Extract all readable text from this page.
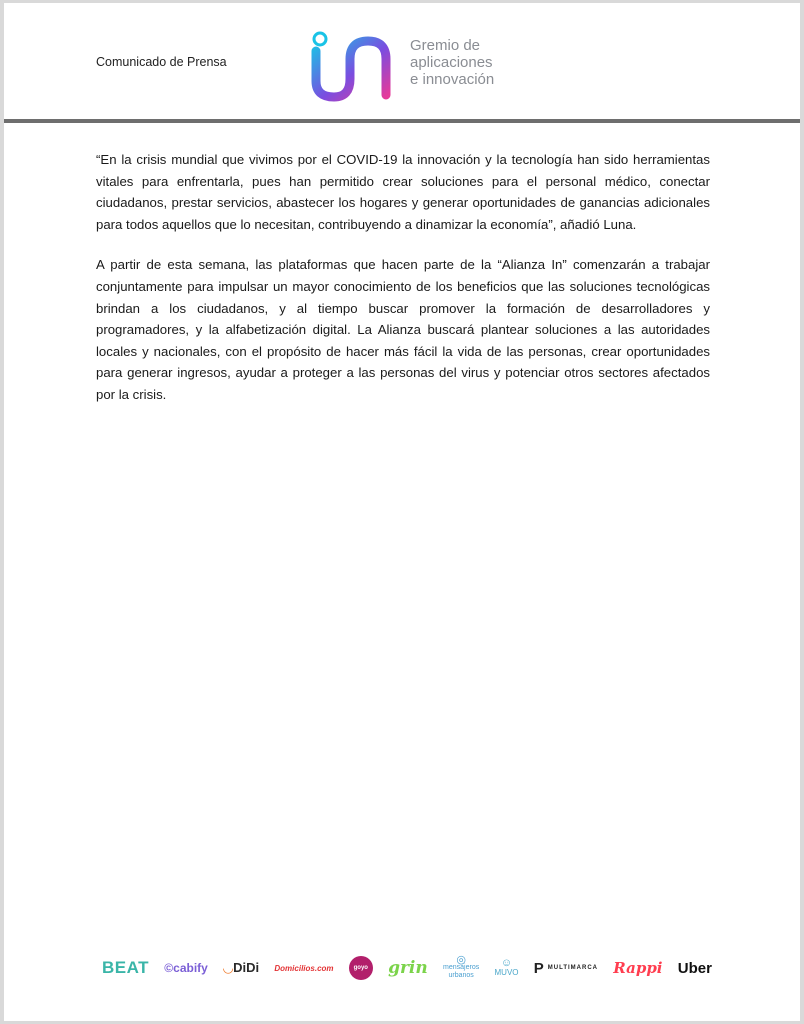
Comunicado de Prensa
Gremio de
aplicaciones
e innovación

“En la crisis mundial que vivimos por el COVID-19 la innovación y la tecnología han sido herramientas vitales para enfrentarla, pues han permitido crear soluciones para el personal médico, conectar ciudadanos, prestar servicios, abastecer los hogares y generar oportunidades de ganancias adicionales para todos aquellos que lo necesitan, contribuyendo a dinamizar la economía”, añadió Luna.

A partir de esta semana, las plataformas que hacen parte de la “Alianza In” comenzarán a trabajar conjuntamente para impulsar un mayor conocimiento de los beneficios que las soluciones tecnológicas brindan a los ciudadanos, y al tiempo buscar promover la formación de desarrolladores y programadores, y la alfabetización digital. La Alianza buscará plantear soluciones a las autoridades locales y nacionales, con el propósito de hacer más fácil la vida de las personas, crear oportunidades para generar ingresos, ayudar a proteger a las personas del virus y potenciar otros sectores afectados por la crisis.

BEAT ©cabify ◡DiDi Domicilios.com	goyo grin	◎
mensajeros
urbanos
☺
MUVO P MULTIMARCA Rappi Uber
